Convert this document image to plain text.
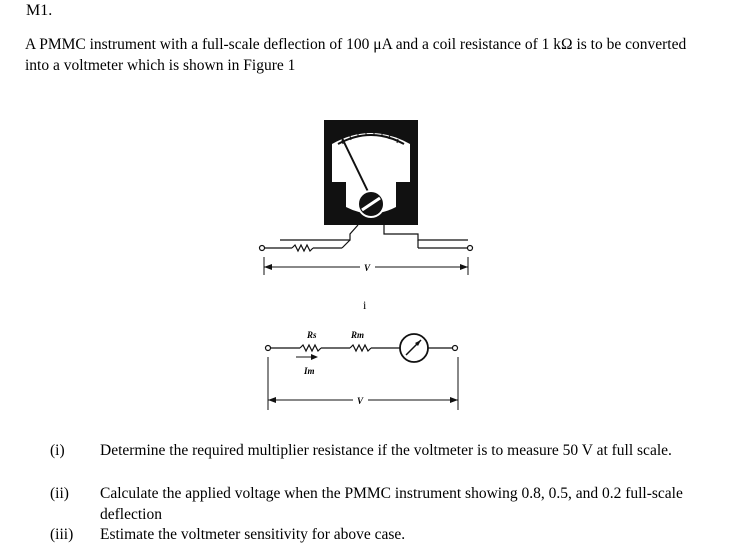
M1.
A PMMC instrument with a full-scale deflection of 100 μA and a coil resistance of 1 kΩ is to be converted into a voltmeter which is shown in Figure 1
V
i
Rs	Rm
Im
V
(i) Determine the required multiplier resistance if the voltmeter is to measure 50 V at full scale.
(ii) Calculate the applied voltage when the PMMC instrument showing 0.8, 0.5, and 0.2 full-scale deflection
(iii) Estimate the voltmeter sensitivity for above case.
